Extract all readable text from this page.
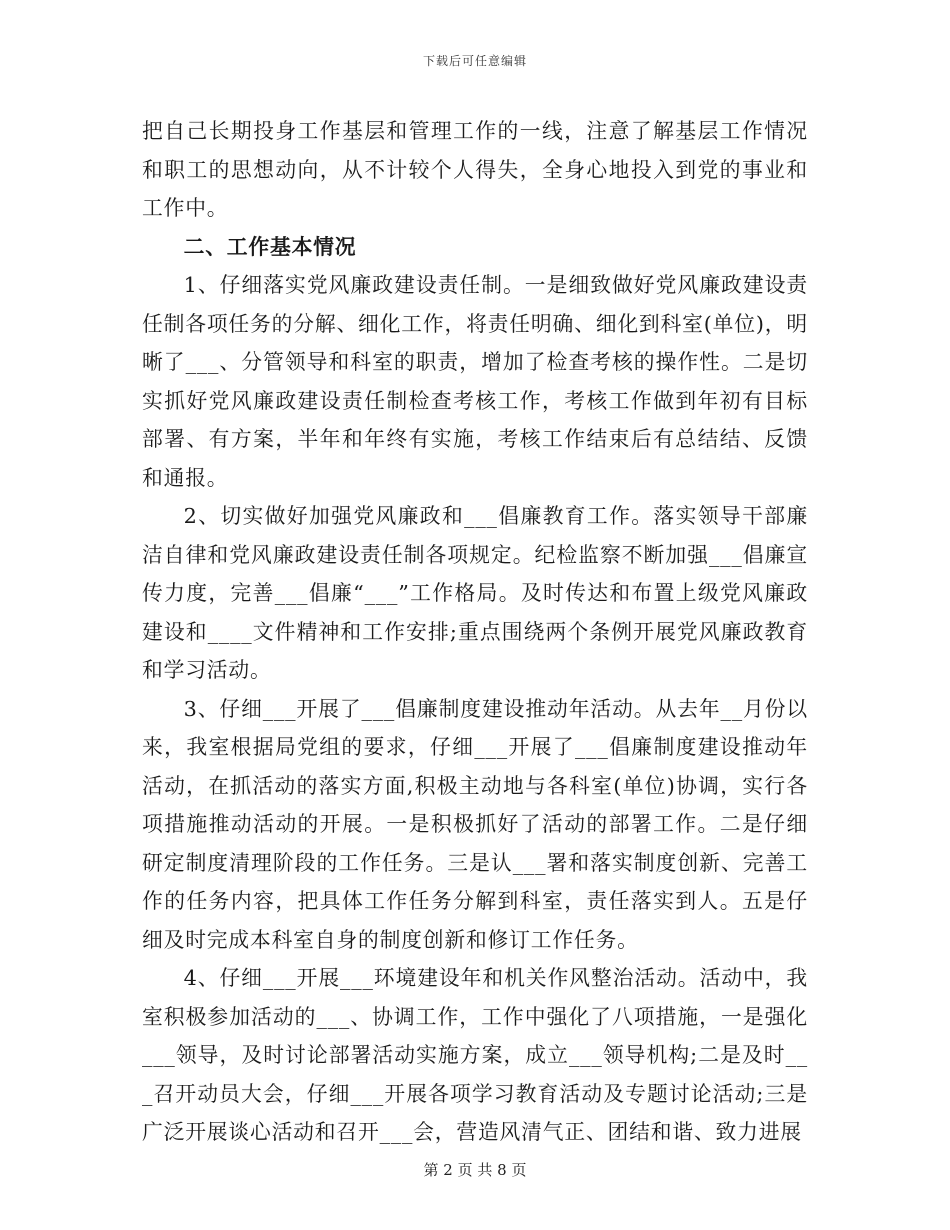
下载后可任意编辑

把自己长期投身工作基层和管理工作的一线，注意了解基层工作情况和职工的思想动向，从不计较个人得失，全身心地投入到党的事业和工作中。

二、工作基本情况

1、仔细落实党风廉政建设责任制。一是细致做好党风廉政建设责任制各项任务的分解、细化工作，将责任明确、细化到科室(单位)，明晰了___、分管领导和科室的职责，增加了检查考核的操作性。二是切实抓好党风廉政建设责任制检查考核工作，考核工作做到年初有目标部署、有方案，半年和年终有实施，考核工作结束后有总结结、反馈和通报。

2、切实做好加强党风廉政和___倡廉教育工作。落实领导干部廉洁自律和党风廉政建设责任制各项规定。纪检监察不断加强___倡廉宣传力度，完善___倡廉“___”工作格局。及时传达和布置上级党风廉政建设和____文件精神和工作安排;重点围绕两个条例开展党风廉政教育和学习活动。

3、仔细___开展了___倡廉制度建设推动年活动。从去年__月份以来，我室根据局党组的要求，仔细___开展了___倡廉制度建设推动年活动，在抓活动的落实方面,积极主动地与各科室(单位)协调，实行各项措施推动活动的开展。一是积极抓好了活动的部署工作。二是仔细研定制度清理阶段的工作任务。三是认___署和落实制度创新、完善工作的任务内容，把具体工作任务分解到科室，责任落实到人。五是仔细及时完成本科室自身的制度创新和修订工作任务。

4、仔细___开展___环境建设年和机关作风整治活动。活动中，我室积极参加活动的___、协调工作，工作中强化了八项措施，一是强化___领导，及时讨论部署活动实施方案，成立___领导机构;二是及时___召开动员大会，仔细___开展各项学习教育活动及专题讨论活动;三是广泛开展谈心活动和召开___会，营造风清气正、团结和谐、致力进展

第 2 页 共 8 页
